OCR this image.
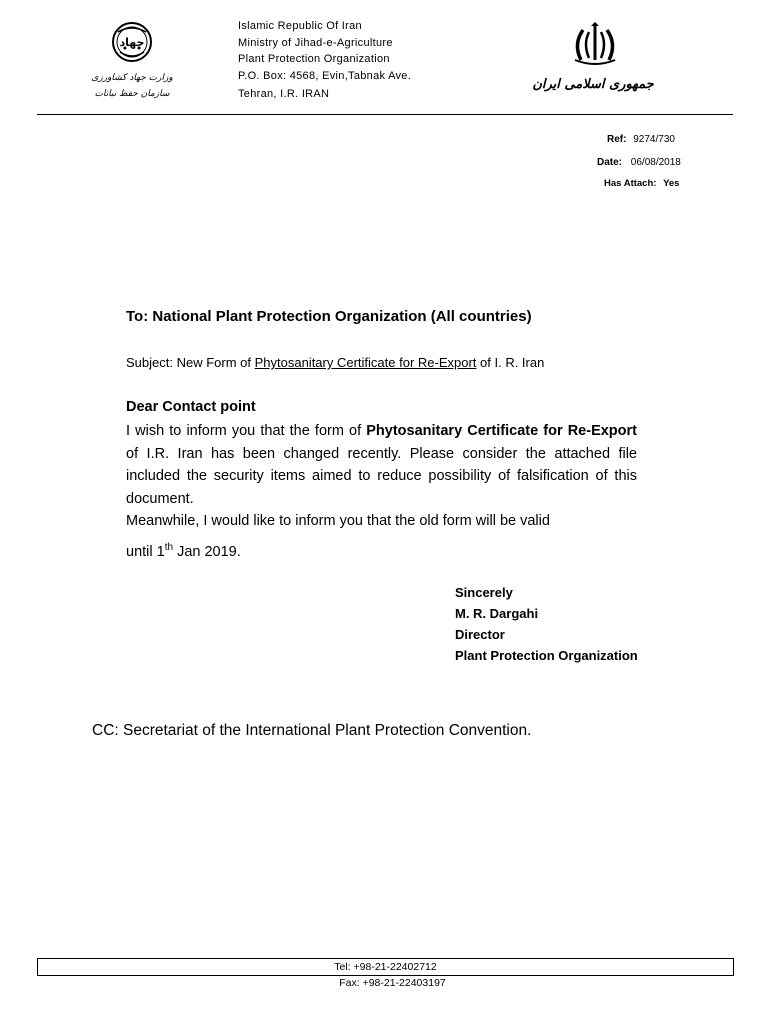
جهاد
وزارت جهاد کشاورزی
سازمان حفظ نباتات
Islamic Republic Of Iran
Ministry of Jihad-e-Agriculture
Plant Protection Organization
P.O. Box: 4568, Evin,Tabnak Ave.
Tehran, I.R. IRAN
جمهوری اسلامی ایران
Ref: 9274/730
Date: 06/08/2018
Has Attach: Yes
To: National Plant Protection Organization (All countries)
Subject: New Form of Phytosanitary Certificate for Re-Export of I. R. Iran
Dear Contact point

I wish to inform you that the form of Phytosanitary Certificate for Re-Export of I.R. Iran has been changed recently. Please consider the attached file included the security items aimed to reduce possibility of falsification of this document.

Meanwhile, I would like to inform you that the old form will be valid

until 1th Jan 2019.

Sincerely
M. R. Dargahi
Director
Plant Protection Organization
CC: Secretariat of the International Plant Protection Convention.
Tel: +98-21-22402712
Fax: +98-21-22403197
